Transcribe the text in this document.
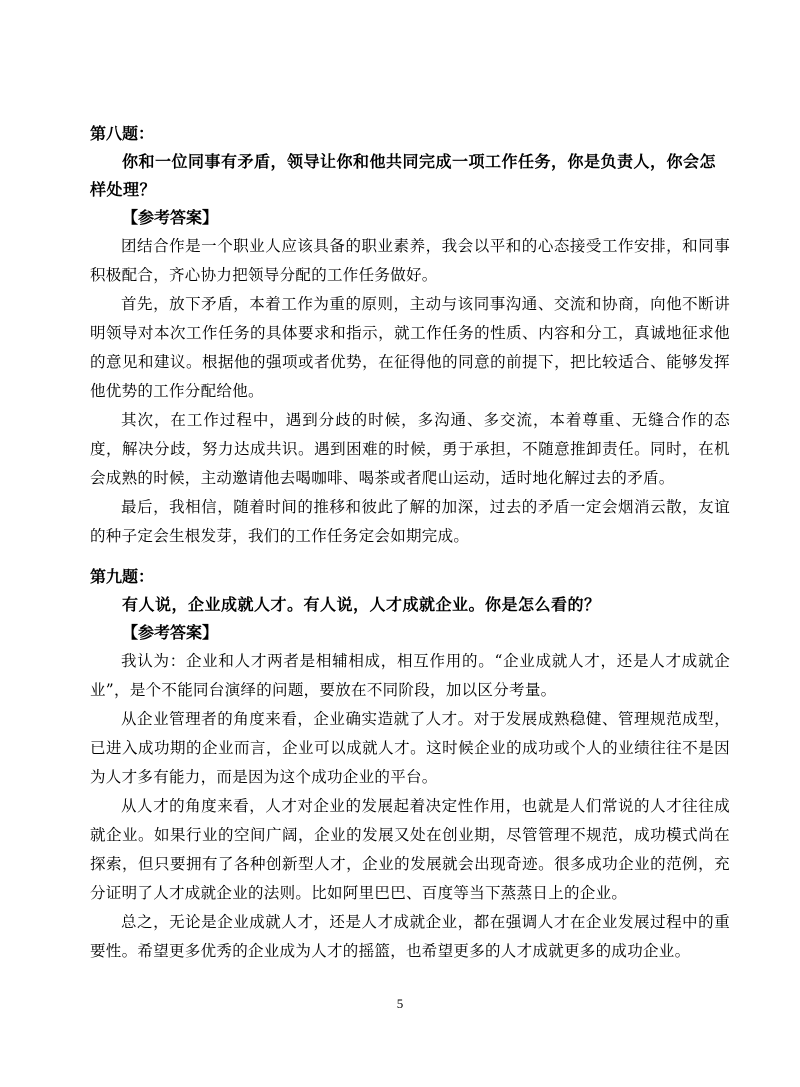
第八题：

你和一位同事有矛盾，领导让你和他共同完成一项工作任务，你是负责人，你会怎样处理？

【参考答案】

团结合作是一个职业人应该具备的职业素养，我会以平和的心态接受工作安排，和同事积极配合，齐心协力把领导分配的工作任务做好。

首先，放下矛盾，本着工作为重的原则，主动与该同事沟通、交流和协商，向他不断讲明领导对本次工作任务的具体要求和指示，就工作任务的性质、内容和分工，真诚地征求他的意见和建议。根据他的强项或者优势，在征得他的同意的前提下，把比较适合、能够发挥他优势的工作分配给他。

其次，在工作过程中，遇到分歧的时候，多沟通、多交流，本着尊重、无缝合作的态度，解决分歧，努力达成共识。遇到困难的时候，勇于承担，不随意推卸责任。同时，在机会成熟的时候，主动邀请他去喝咖啡、喝茶或者爬山运动，适时地化解过去的矛盾。

最后，我相信，随着时间的推移和彼此了解的加深，过去的矛盾一定会烟消云散，友谊的种子定会生根发芽，我们的工作任务定会如期完成。

第九题：

有人说，企业成就人才。有人说，人才成就企业。你是怎么看的？

【参考答案】

我认为：企业和人才两者是相辅相成，相互作用的。“企业成就人才，还是人才成就企业”，是个不能同台演绎的问题，要放在不同阶段，加以区分考量。

从企业管理者的角度来看，企业确实造就了人才。对于发展成熟稳健、管理规范成型，已进入成功期的企业而言，企业可以成就人才。这时候企业的成功或个人的业绩往往不是因为人才多有能力，而是因为这个成功企业的平台。

从人才的角度来看，人才对企业的发展起着决定性作用，也就是人们常说的人才往往成就企业。如果行业的空间广阔，企业的发展又处在创业期，尽管管理不规范，成功模式尚在探索，但只要拥有了各种创新型人才，企业的发展就会出现奇迹。很多成功企业的范例，充分证明了人才成就企业的法则。比如阿里巴巴、百度等当下蒸蒸日上的企业。

总之，无论是企业成就人才，还是人才成就企业，都在强调人才在企业发展过程中的重要性。希望更多优秀的企业成为人才的摇篮，也希望更多的人才成就更多的成功企业。

5
